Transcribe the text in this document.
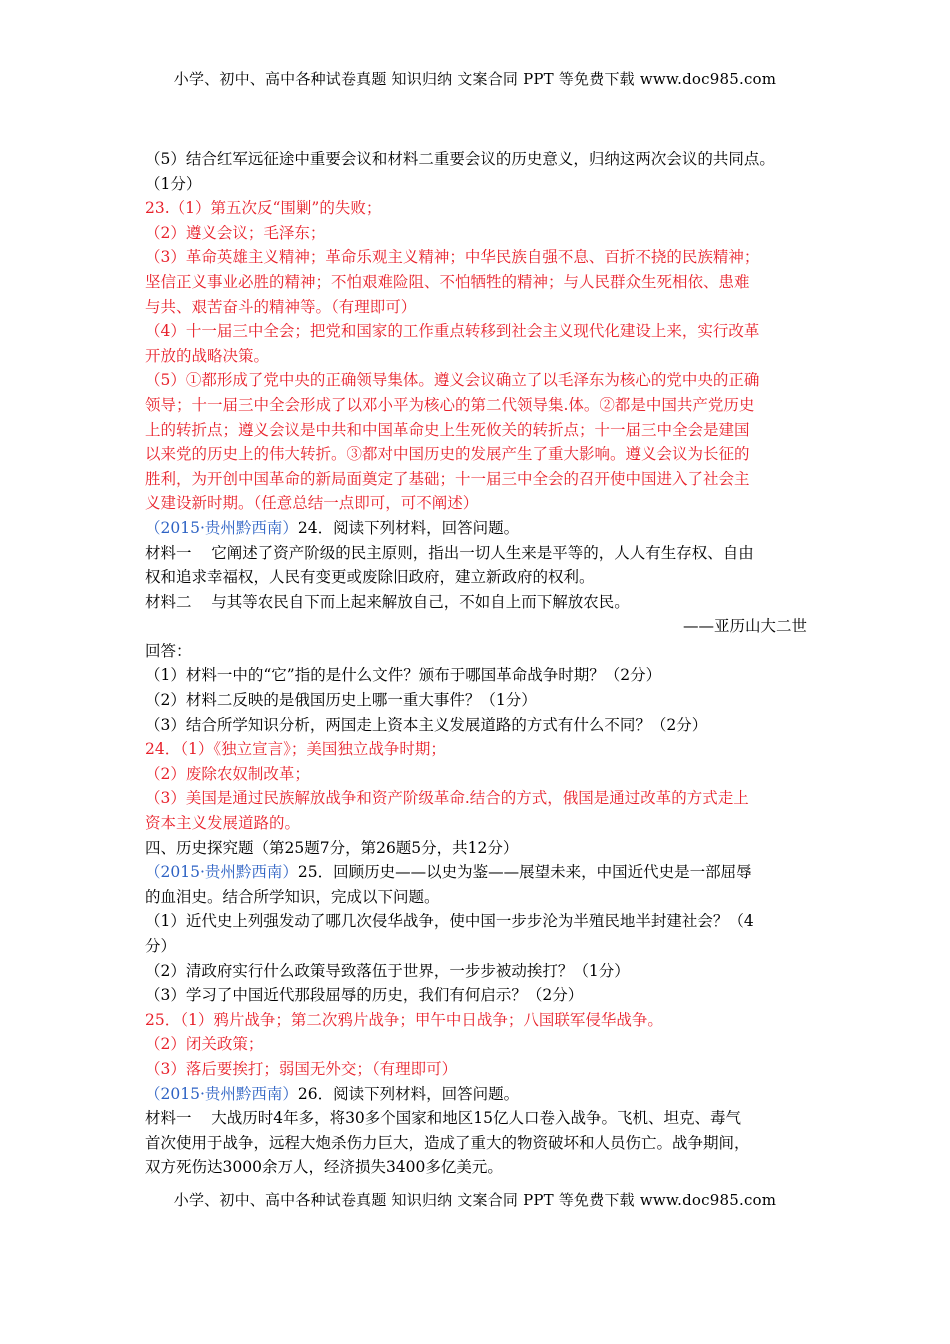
小学、初中、高中各种试卷真题 知识归纳 文案合同 PPT 等免费下载 www.doc985.com
（5）结合红军远征途中重要会议和材料二重要会议的历史意义，归纳这两次会议的共同点。
（1分）
23.（1）第五次反“围剿”的失败；
（2）遵义会议；毛泽东；
（3）革命英雄主义精神；革命乐观主义精神；中华民族自强不息、百折不挠的民族精神；
坚信正义事业必胜的精神；不怕艰难险阻、不怕牺牲的精神；与人民群众生死相依、患难
与共、艰苦奋斗的精神等。（有理即可）
（4）十一届三中全会；把党和国家的工作重点转移到社会主义现代化建设上来，实行改革
开放的战略决策。
（5）①都形成了党中央的正确领导集体。遵义会议确立了以毛泽东为核心的党中央的正确
领导；十一届三中全会形成了以邓小平为核心的第二代领导集.体。②都是中国共产党历史
上的转折点；遵义会议是中共和中国革命史上生死攸关的转折点；十一届三中全会是建国
以来党的历史上的伟大转折。③都对中国历史的发展产生了重大影响。遵义会议为长征的
胜利，为开创中国革命的新局面奠定了基础；十一届三中全会的召开使中国进入了社会主
义建设新时期。（任意总结一点即可，可不阐述）
（2015·贵州黔西南）24．阅读下列材料，回答问题。
材料一    它阐述了资产阶级的民主原则，指出一切人生来是平等的，人人有生存权、自由
权和追求幸福权，人民有变更或废除旧政府，建立新政府的权利。
材料二    与其等农民自下而上起来解放自己，不如自上而下解放农民。
——亚历山大二世
回答：
（1）材料一中的“它”指的是什么文件？颁布于哪国革命战争时期？（2分）
（2）材料二反映的是俄国历史上哪一重大事件？（1分）
（3）结合所学知识分析，两国走上资本主义发展道路的方式有什么不同？（2分）
24．（1）《独立宣言》；美国独立战争时期；
（2）废除农奴制改革；
（3）美国是通过民族解放战争和资产阶级革命.结合的方式，俄国是通过改革的方式走上
资本主义发展道路的。
四、历史探究题（第25题7分，第26题5分，共12分）
（2015·贵州黔西南）25．回顾历史——以史为鉴——展望未来，中国近代史是一部屈辱
的血泪史。结合所学知识，完成以下问题。
（1）近代史上列强发动了哪几次侵华战争，使中国一步步沦为半殖民地半封建社会？（4
分）
（2）清政府实行什么政策导致落伍于世界，一步步被动挨打？（1分）
（3）学习了中国近代那段屈辱的历史，我们有何启示？（2分）
25．（1）鸦片战争；第二次鸦片战争；甲午中日战争；八国联军侵华战争。
（2）闭关政策；
（3）落后要挨打；弱国无外交；（有理即可）
（2015·贵州黔西南）26．阅读下列材料，回答问题。
材料一    大战历时4年多，将30多个国家和地区15亿人口卷入战争。飞机、坦克、毒气
首次使用于战争，远程大炮杀伤力巨大，造成了重大的物资破坏和人员伤亡。战争期间，
双方死伤达3000余万人，经济损失3400多亿美元。
小学、初中、高中各种试卷真题 知识归纳 文案合同 PPT 等免费下载 www.doc985.com
